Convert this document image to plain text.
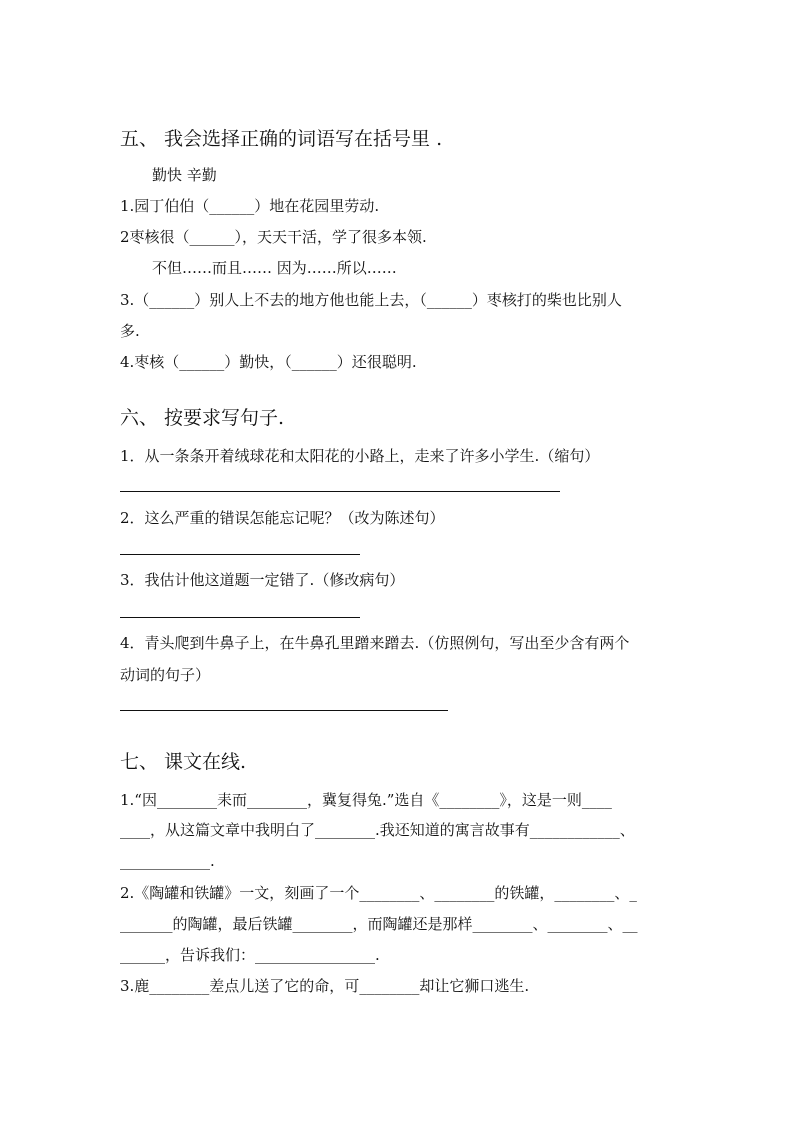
五、 我会选择正确的词语写在括号里 .
勤快 辛勤
1.园丁伯伯（______）地在花园里劳动.
2枣核很（______），天天干活，学了很多本领.
不但……而且…… 因为……所以……
3.（______）别人上不去的地方他也能上去，（______）枣核打的柴也比别人
多.
4.枣核（______）勤快，（______）还很聪明.
六、 按要求写句子.
1．从一条条开着绒球花和太阳花的小路上，走来了许多小学生.（缩句）
2．这么严重的错误怎能忘记呢？（改为陈述句）
3．我估计他这道题一定错了.（修改病句）
4．青头爬到牛鼻子上，在牛鼻孔里蹭来蹭去.（仿照例句，写出至少含有两个
动词的句子）
七、 课文在线.
1.“因________耒而________，冀复得兔.”选自《________》，这是一则____
____，从这篇文章中我明白了________.我还知道的寓言故事有____________、
____________.
2.《陶罐和铁罐》一文，刻画了一个________、________的铁罐，________、_
_______的陶罐，最后铁罐________，而陶罐还是那样________、________、__
______，告诉我们：________________.
3.鹿________差点儿送了它的命，可________却让它狮口逃生.
